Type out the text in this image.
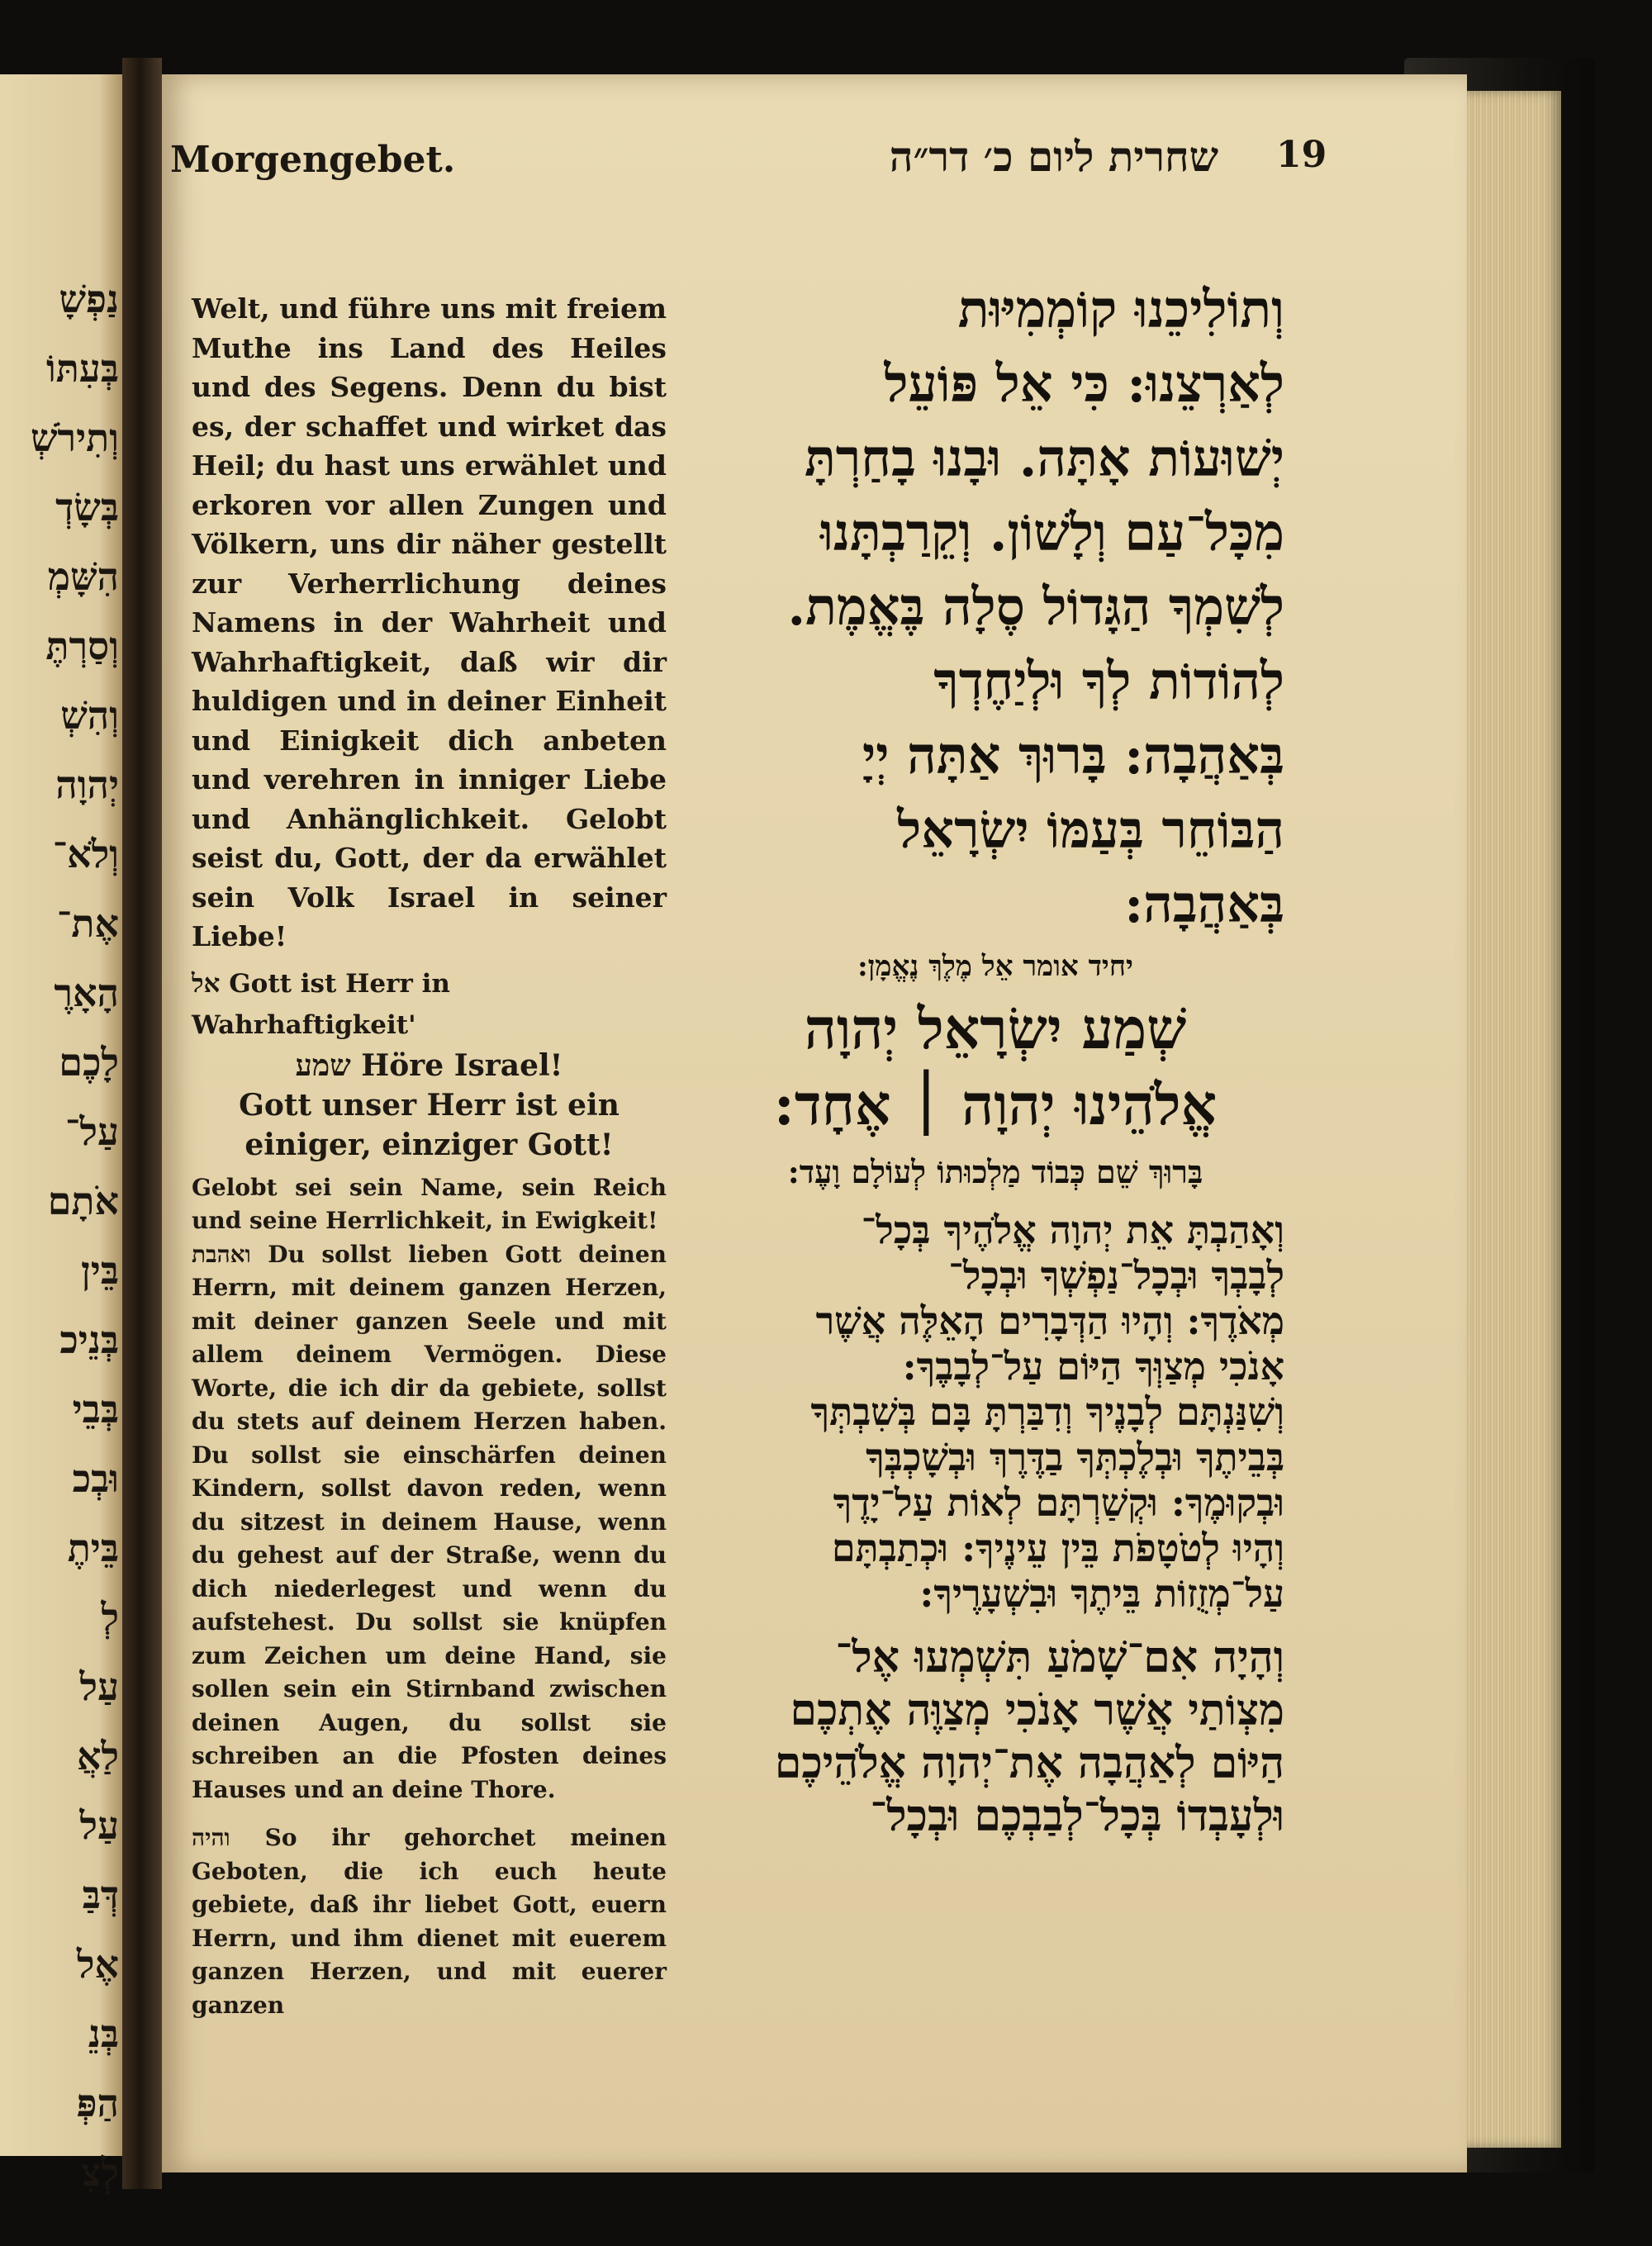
נַפְשָׁ
בְּעִתּוֹ
וְתִירֹשְׁ
בְּשָׂדְ
הִשָּׁמְ
וְסַרְתֶּ
וְהִשְׁ
יְהוָה
וְלֹא־
אֶת־
הָאָרֶ
לָכֶם
עַל־
אֹתָם
בֵּין
בְּנֵיכ
בְּבֵי
וּבְכ
בֵּיתֶ
לְ
עַל
לַאֲ
עַל
דְּבַּ
אֶל
בְּנֵ
הַפְּ
לְצִ
Morgengebet.	שחרית ליום כ׳ דר״ה 19

Welt, und führe uns mit freiem Muthe ins Land des Heiles und des Segens. Denn du bist es, der schaffet und wirket das Heil; du hast uns erwählet und erkoren vor allen Zungen und Völkern, uns dir näher gestellt zur Verherrlichung deines Namens in der Wahrheit und Wahrhaftigkeit, daß wir dir huldigen und in deiner Einheit und Einigkeit dich anbeten und verehren in inniger Liebe und Anhänglichkeit. Gelobt seist du, Gott, der da erwählet sein Volk Israel in seiner Liebe!

אל Gott ist Herr in Wahrhaftigkeit'

שמע Höre Israel!

Gott unser Herr ist ein einiger, einziger Gott!

Gelobt sei sein Name, sein Reich und seine Herrlichkeit, in Ewigkeit!

ואהבת Du sollst lieben Gott deinen Herrn, mit deinem ganzen Herzen, mit deiner ganzen Seele und mit allem deinem Vermögen. Diese Worte, die ich dir da gebiete, sollst du stets auf deinem Herzen haben. Du sollst sie einschärfen deinen Kindern, sollst davon reden, wenn du sitzest in deinem Hause, wenn du gehest auf der Straße, wenn du dich niederlegest und wenn du aufstehest. Du sollst sie knüpfen zum Zeichen um deine Hand, sie sollen sein ein Stirnband zwischen deinen Augen, du sollst sie schreiben an die Pfosten deines Hauses und an deine Thore.

והיה So ihr gehorchet meinen Geboten, die ich euch heute gebiete, daß ihr liebet Gott, euern Herrn, und ihm dienet mit euerem ganzen Herzen, und mit euerer ganzen

וְתוֹלִיכֵנוּ קוֹמְמִיּוּת

לְאַרְצֵנוּ: כִּי אֵל פּוֹעֵל

יְשׁוּעוֹת אָתָּה. וּבָנוּ בָחַרְתָּ

מִכָּל־עַם וְלָשׁוֹן. וְקֵרַבְתָּנוּ

לְשִׁמְךָ הַגָּדוֹל סֶלָה בֶּאֱמֶת.

לְהוֹדוֹת לְךָ וּלְיַחֶדְךָ

בְּאַהֲבָה: בָּרוּךְ אַתָּה יְיָ

הַבּוֹחֵר בְּעַמּוֹ יִשְׂרָאֵל

בְּאַהֲבָה:

יחיד אומר אֵל מֶלֶךְ נֶאֱמָן:

שְׁמַע יִשְׂרָאֵל יְהוָה

אֱלֹהֵינוּ יְהוָה ׀ אֶחָד:

בָּרוּךְ שֵׁם כְּבוֹד מַלְכוּתוֹ לְעוֹלָם וָעֶד:

וְאָהַבְתָּ אֵת יְהוָה אֱלֹהֶיךָ בְּכָל־

לְבָבְךָ וּבְכָל־נַפְשְׁךָ וּבְכָל־

מְאֹדֶךָ: וְהָיוּ הַדְּבָרִים הָאֵלֶּה אֲשֶׁר

אָנֹכִי מְצַוְּךָ הַיּוֹם עַל־לְבָבֶךָ:

וְשִׁנַּנְתָּם לְבָנֶיךָ וְדִבַּרְתָּ בָּם בְּשִׁבְתְּךָ

בְּבֵיתֶךָ וּבְלֶכְתְּךָ בַדֶּרֶךְ וּבְשָׁכְבְּךָ

וּבְקוּמֶךָ: וּקְשַׁרְתָּם לְאוֹת עַל־יָדֶךָ

וְהָיוּ לְטֹטָפֹת בֵּין עֵינֶיךָ: וּכְתַבְתָּם

עַל־מְזֻזוֹת בֵּיתֶךָ וּבִשְׁעָרֶיךָ:

וְהָיָה אִם־שָׁמֹעַ תִּשְׁמְעוּ אֶל־

מִצְוֹתַי אֲשֶׁר אָנֹכִי מְצַוֶּה אֶתְכֶם

הַיּוֹם לְאַהֲבָה אֶת־יְהוָה אֱלֹהֵיכֶם

וּלְעָבְדוֹ בְּכָל־לְבַבְכֶם וּבְכָל־
